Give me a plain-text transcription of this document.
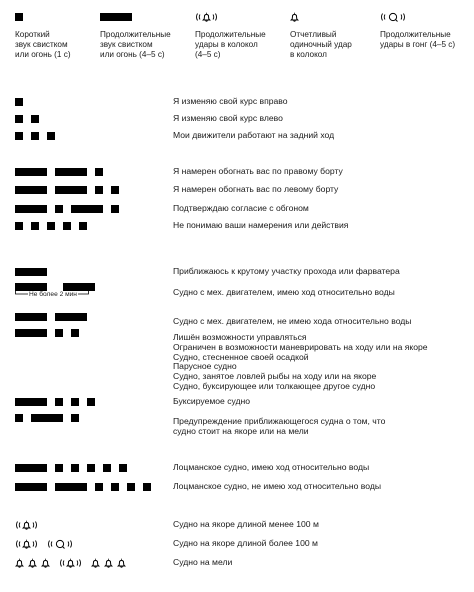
Короткий
звук свистком
или огонь (1 с)
Продолжительные
звук свистком
или огонь (4–5 с)
Продолжительные
удары в колокол
(4–5 с)
Отчетливый
одиночный удар
в колокол
Продолжительные
удары в гонг (4–5 с)
Я изменяю свой курс вправо
Я изменяю свой курс влево
Мои движители работают на задний ход
Я намерен обогнать вас по правому борту
Я намерен обогнать вас по левому борту
Подтверждаю согласие с обгоном
Не понимаю ваши намерения или действия
Приближаюсь к крутому участку прохода или фарватера
Судно с мех. двигателем, имею ход относительно воды
Не более 2 мин
Судно с мех. двигателем, не имею хода относительно воды
Лишён возможности управляться
Ограничен в возможности маневрировать на ходу или на якоре
Судно, стесненное своей осадкой
Парусное судно
Судно, занятое ловлей рыбы на ходу или на якоре
Судно, буксирующее или толкающее другое судно
Буксируемое судно
Предупреждение приближающегося судна о том, что
судно стоит на якоре или на мели
Лоцманское судно, имею ход относительно воды
Лоцманское судно, не имею ход относительно воды
Судно на якоре длиной менее 100 м
Судно на якоре длиной более 100 м
Судно на мели
